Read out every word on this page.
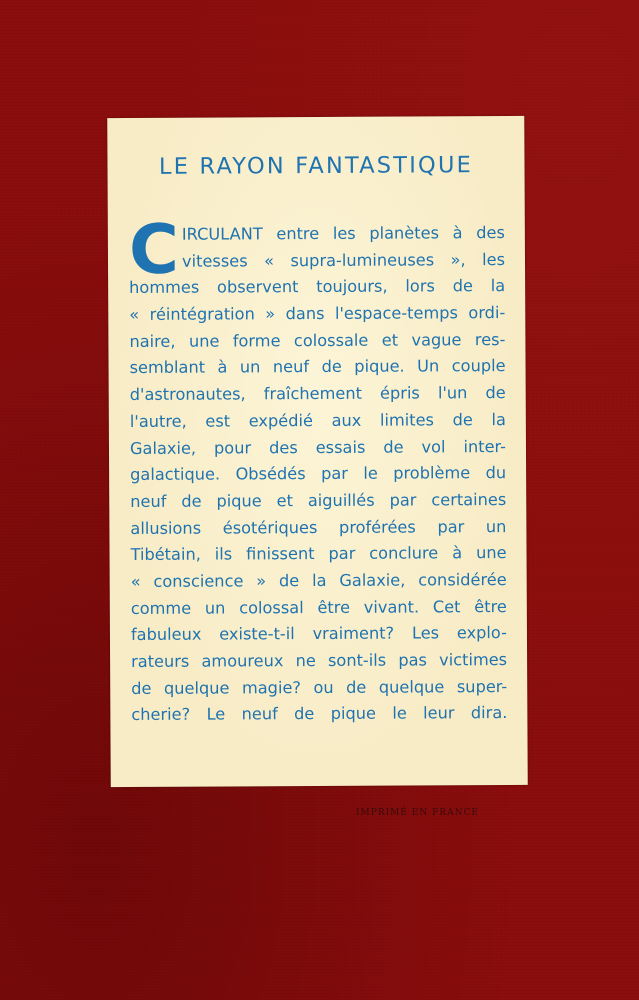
LE RAYON FANTASTIQUE
C IRCULANT entre les planètes à des
vitesses « supra-lumineuses », les
hommes observent toujours, lors de la
« réintégration » dans l'espace-temps ordi-
naire, une forme colossale et vague res-
semblant à un neuf de pique. Un couple
d'astronautes, fraîchement épris l'un de
l'autre, est expédié aux limites de la
Galaxie, pour des essais de vol inter-
galactique. Obsédés par le problème du
neuf de pique et aiguillés par certaines
allusions ésotériques proférées par un
Tibétain, ils finissent par conclure à une
« conscience » de la Galaxie, considérée
comme un colossal être vivant. Cet être
fabuleux existe-t-il vraiment? Les explo-
rateurs amoureux ne sont-ils pas victimes
de quelque magie? ou de quelque super-
cherie? Le neuf de pique le leur dira.
IMPRIMÉ EN FRANCE
